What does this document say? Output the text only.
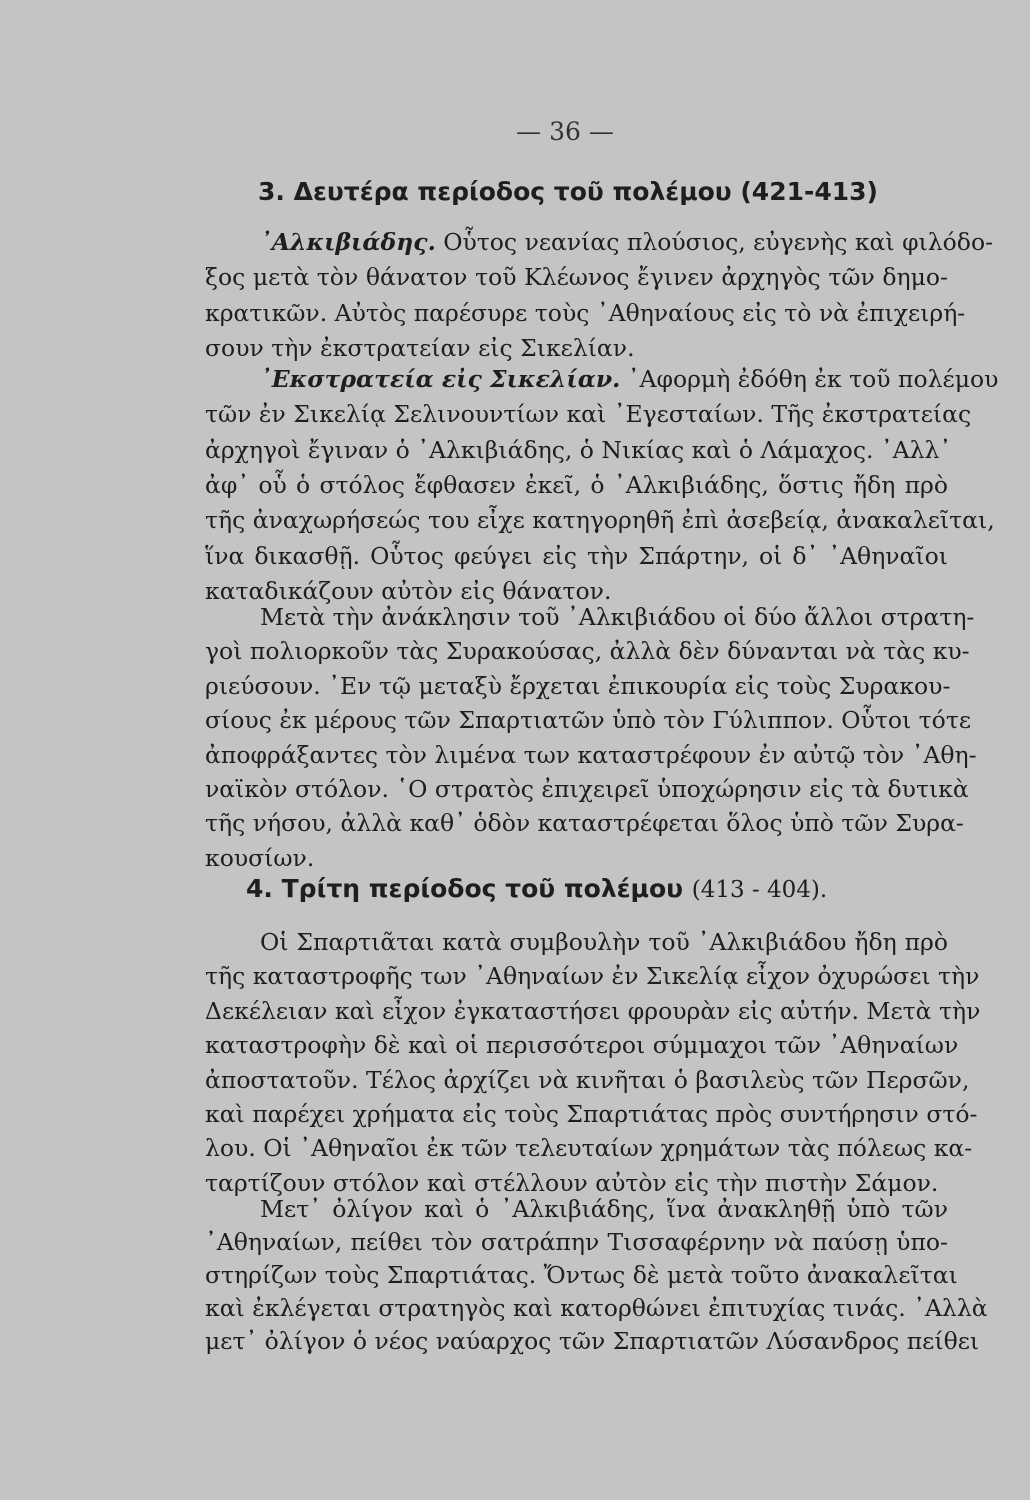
— 36 —
3. Δευτέρα περίοδος τοῦ πολέμου (421-413)
᾿Αλκιβιάδης. Οὗτος νεανίας πλούσιος, εὐγενὴς καὶ φιλόδο-
ξος μετὰ τὸν θάνατον τοῦ Κλέωνος ἔγινεν ἀρχηγὸς τῶν δημο-
κρατικῶν. Αὐτὸς παρέσυρε τοὺς ᾿Αθηναίους εἰς τὸ νὰ ἐπιχειρή-
σουν τὴν ἐκστρατείαν εἰς Σικελίαν.
᾿Εκστρατεία εἰς Σικελίαν. ᾿Αφορμὴ ἐδόθη ἐκ τοῦ πολέμου
τῶν ἐν Σικελίᾳ Σελινουντίων καὶ ᾿Εγεσταίων. Τῆς ἐκστρατείας
ἀρχηγοὶ ἔγιναν ὁ ᾿Αλκιβιάδης, ὁ Νικίας καὶ ὁ Λάμαχος. ᾿Αλλ᾿
ἀφ᾿ οὗ ὁ στόλος ἔφθασεν ἐκεῖ, ὁ ᾿Αλκιβιάδης, ὅστις ἤδη πρὸ
τῆς ἀναχωρήσεώς του εἶχε κατηγορηθῆ ἐπὶ ἀσεβείᾳ, ἀνακαλεῖται,
ἵνα δικασθῇ. Οὗτος φεύγει εἰς τὴν Σπάρτην, οἱ δ᾿ ᾿Αθηναῖοι
καταδικάζουν αὐτὸν εἰς θάνατον.
Μετὰ τὴν ἀνάκλησιν τοῦ ᾿Αλκιβιάδου οἱ δύο ἄλλοι στρατη-
γοὶ πολιορκοῦν τὰς Συρακούσας, ἀλλὰ δὲν δύνανται νὰ τὰς κυ-
ριεύσουν. ᾿Εν τῷ μεταξὺ ἔρχεται ἐπικουρία εἰς τοὺς Συρακου-
σίους ἐκ μέρους τῶν Σπαρτιατῶν ὑπὸ τὸν Γύλιππον. Οὗτοι τότε
ἀποφράξαντες τὸν λιμένα των καταστρέφουν ἐν αὐτῷ τὸν ᾿Αθη-
ναϊκὸν στόλον. ῾Ο στρατὸς ἐπιχειρεῖ ὑποχώρησιν εἰς τὰ δυτικὰ
τῆς νήσου, ἀλλὰ καθ᾿ ὁδὸν καταστρέφεται ὅλος ὑπὸ τῶν Συρα-
κουσίων.
4. Τρίτη περίοδος τοῦ πολέμου (413 - 404).
Οἱ Σπαρτιᾶται κατὰ συμβουλὴν τοῦ ᾿Αλκιβιάδου ἤδη πρὸ
τῆς καταστροφῆς των ᾿Αθηναίων ἐν Σικελίᾳ εἶχον ὀχυρώσει τὴν
Δεκέλειαν καὶ εἶχον ἐγκαταστήσει φρουρὰν εἰς αὐτήν. Μετὰ τὴν
καταστροφὴν δὲ καὶ οἱ περισσότεροι σύμμαχοι τῶν ᾿Αθηναίων
ἀποστατοῦν. Τέλος ἀρχίζει νὰ κινῆται ὁ βασιλεὺς τῶν Περσῶν,
καὶ παρέχει χρήματα εἰς τοὺς Σπαρτιάτας πρὸς συντήρησιν στό-
λου. Οἱ ᾿Αθηναῖοι ἐκ τῶν τελευταίων χρημάτων τὰς πόλεως κα-
ταρτίζουν στόλον καὶ στέλλουν αὐτὸν εἰς τὴν πιστὴν Σάμον.
Μετ᾿ ὀλίγον καὶ ὁ ᾿Αλκιβιάδης, ἵνα ἀνακληθῇ ὑπὸ τῶν
᾿Αθηναίων, πείθει τὸν σατράπην Τισσαφέρνην νὰ παύσῃ ὑπο-
στηρίζων τοὺς Σπαρτιάτας. Ὄντως δὲ μετὰ τοῦτο ἀνακαλεῖται
καὶ ἐκλέγεται στρατηγὸς καὶ κατορθώνει ἐπιτυχίας τινάς. ᾿Αλλὰ
μετ᾿ ὀλίγον ὁ νέος ναύαρχος τῶν Σπαρτιατῶν Λύσανδρος πείθει
